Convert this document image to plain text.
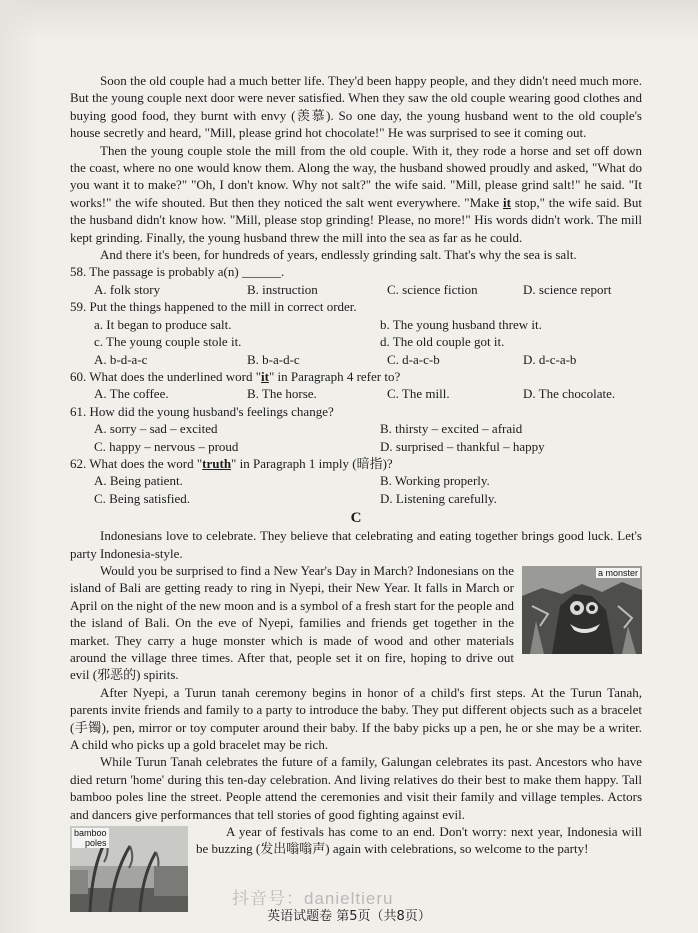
Soon the old couple had a much better life. They'd been happy people, and they didn't need much more. But the young couple next door were never satisfied. When they saw the old couple wearing good clothes and buying good food, they burnt with envy (羡慕). So one day, the young husband went to the old couple's house secretly and heard, "Mill, please grind hot chocolate!" He was surprised to see it coming out.

Then the young couple stole the mill from the old couple. With it, they rode a horse and set off down the coast, where no one would know them. Along the way, the husband showed proudly and asked, "What do you want it to make?" "Oh, I don't know. Why not salt?" the wife said. "Mill, please grind salt!" he said. "It works!" the wife shouted. But then they noticed the salt went everywhere. "Make it stop," the wife said. But the husband didn't know how. "Mill, please stop grinding! Please, no more!" His words didn't work. The mill kept grinding. Finally, the young husband threw the mill into the sea as far as he could.

And there it's been, for hundreds of years, endlessly grinding salt. That's why the sea is salt.

58. The passage is probably a(n) ______.

A. folk story	B. instruction	C. science fiction	D. science report

59. Put the things happened to the mill in correct order.

a. It began to produce salt.	b. The young husband threw it.
c. The young couple stole it.	d. The old couple got it.
A. b-d-a-c	B. b-a-d-c	C. d-a-c-b	D. d-c-a-b

60. What does the underlined word "it" in Paragraph 4 refer to?

A. The coffee.	B. The horse.	C. The mill.	D. The chocolate.

61. How did the young husband's feelings change?

A. sorry – sad – excited	B. thirsty – excited – afraid
C. happy – nervous – proud	D. surprised – thankful – happy

62. What does the word "truth" in Paragraph 1 imply (暗指)?

A. Being patient.	B. Working properly.
C. Being satisfied.	D. Listening carefully.

C

Indonesians love to celebrate. They believe that celebrating and eating together brings good luck. Let's party Indonesia-style.

a monster

Would you be surprised to find a New Year's Day in March? Indonesians on the island of Bali are getting ready to ring in Nyepi, their New Year. It falls in March or April on the night of the new moon and is a symbol of a fresh start for the people and the island of Bali. On the eve of Nyepi, families and friends get together in the market. They carry a huge monster which is made of wood and other materials around the village three times. After that, people set it on fire, hoping to drive out evil (邪恶的) spirits.

After Nyepi, a Turun tanah ceremony begins in honor of a child's first steps. At the Turun Tanah, parents invite friends and family to a party to introduce the baby. They put different objects such as a bracelet (手镯), pen, mirror or toy computer around their baby. If the baby picks up a pen, he or she may be a writer. A child who picks up a gold bracelet may be rich.

While Turun Tanah celebrates the future of a family, Galungan celebrates its past. Ancestors who have died return 'home' during this ten-day celebration. And living relatives do their best to make them happy. Tall bamboo poles line the street. People attend the ceremonies and visit their family and village temples. Actors and dancers give performances that tell stories of good fighting against evil.

bamboo
poles

A year of festivals has come to an end. Don't worry: next year, Indonesia will be buzzing (发出嗡嗡声) again with celebrations, so welcome to the party!

抖音号：danieltieru
英语试题卷 第5页（共8页）
